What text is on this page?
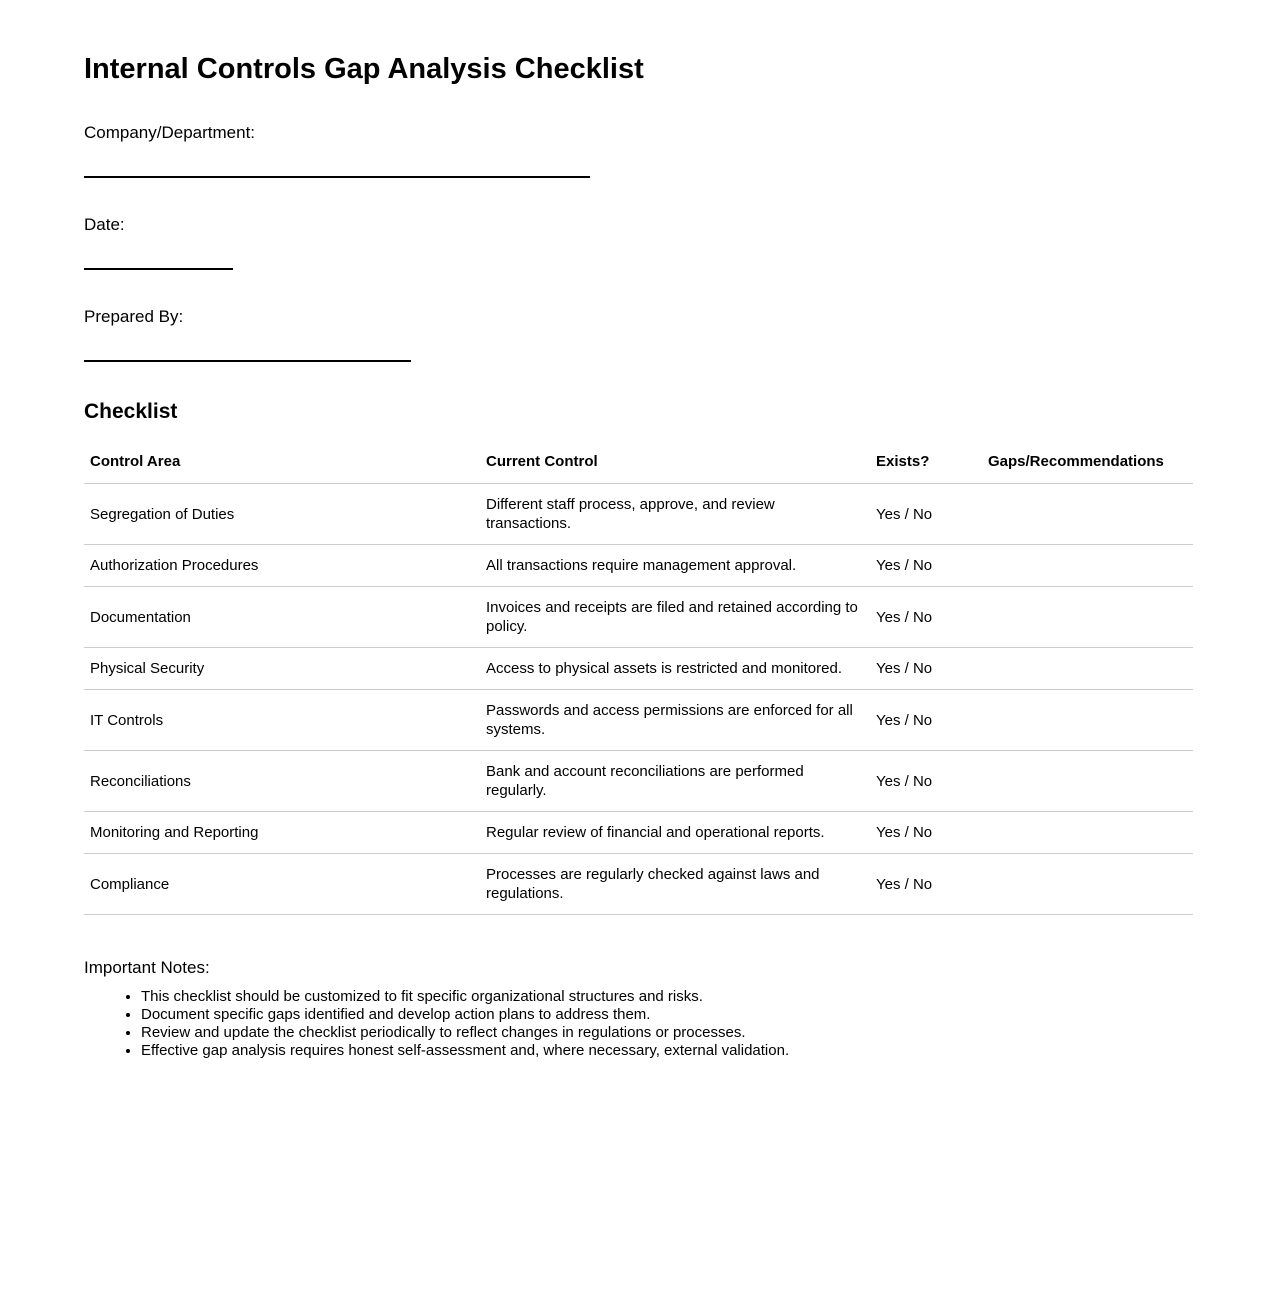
Internal Controls Gap Analysis Checklist

Company/Department:

Date:

Prepared By:

Checklist
Control Area	Current Control	Exists?	Gaps/Recommendations
Segregation of Duties	Different staff process, approve, and review transactions.	Yes / No	
Authorization Procedures	All transactions require management approval.	Yes / No	
Documentation	Invoices and receipts are filed and retained according to policy.	Yes / No	
Physical Security	Access to physical assets is restricted and monitored.	Yes / No	
IT Controls	Passwords and access permissions are enforced for all systems.	Yes / No	
Reconciliations	Bank and account reconciliations are performed regularly.	Yes / No	
Monitoring and Reporting	Regular review of financial and operational reports.	Yes / No	
Compliance	Processes are regularly checked against laws and regulations.	Yes / No	

Important Notes:

• This checklist should be customized to fit specific organizational structures and risks.
• Document specific gaps identified and develop action plans to address them.
• Review and update the checklist periodically to reflect changes in regulations or processes.
• Effective gap analysis requires honest self-assessment and, where necessary, external validation.
